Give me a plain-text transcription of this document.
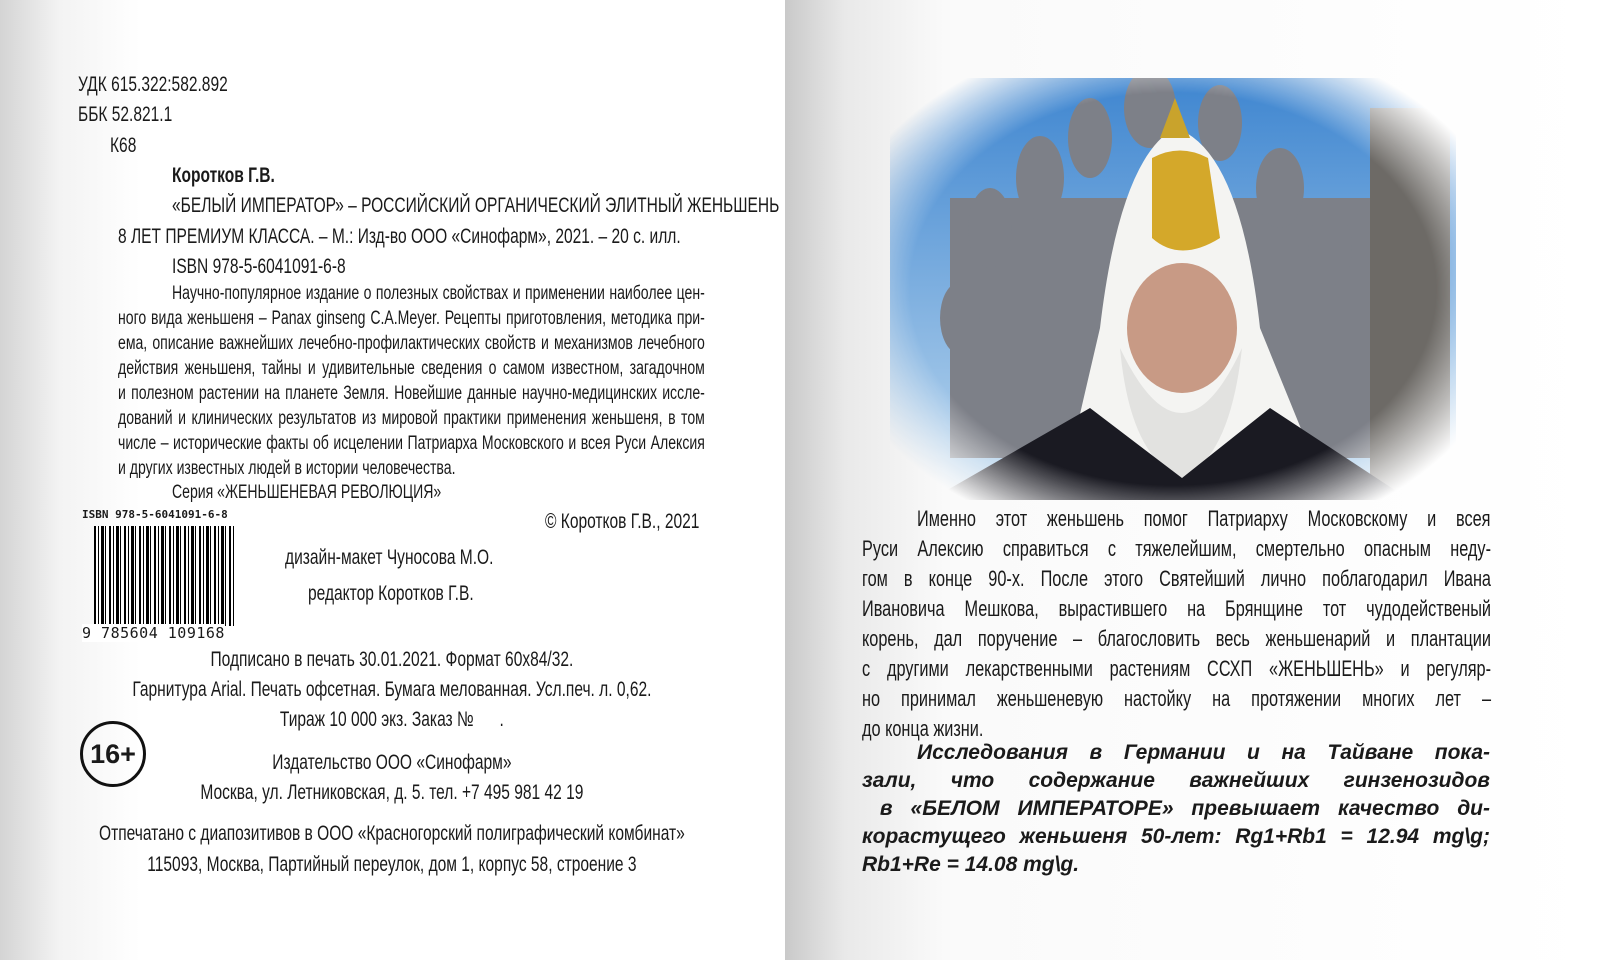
УДК 615.322:582.892
ББК 52.821.1
К68
Коротков Г.В.
«БЕЛЫЙ ИМПЕРАТОР» – РОССИЙСКИЙ ОРГАНИЧЕСКИЙ ЭЛИТНЫЙ ЖЕНЬШЕНЬ
8 ЛЕТ ПРЕМИУМ КЛАССА. – М.: Изд-во ООО «Синофарм», 2021. – 20 с. илл.
ISBN 978-5-6041091-6-8
Научно-популярное издание о полезных свойствах и применении наиболее цен-
ного вида женьшеня – Panax ginseng C.A.Meyer. Рецепты приготовления, методика при-
ема, описание важнейших лечебно-профилактических свойств и механизмов лечебного
действия женьшеня, тайны и удивительные сведения о самом известном, загадочном
и полезном растении на планете Земля. Новейшие данные научно-медицинских иссле-
дований и клинических результатов из мировой практики применения женьшеня, в том
числе – исторические факты об исцелении Патриарха Московского и всея Руси Алексия
и других известных людей в истории человечества.
Серия «ЖЕНЬШЕНЕВАЯ РЕВОЛЮЦИЯ»
ISBN 978-5-6041091-6-8
9 785604 109168
© Коротков Г.В., 2021
дизайн-макет Чуносова М.О.
редактор Коротков Г.В.
Подписано в печать 30.01.2021. Формат 60х84/32.
Гарнитура Arial. Печать офсетная. Бумага мелованная. Усл.печ. л. 0,62.
Тираж 10 000 экз. Заказ №      .
16+	Издательство ООО «Синофарм»
Москва, ул. Летниковская, д. 5. тел. +7 495 981 42 19
Отпечатано с диапозитивов в ООО «Красногорский полиграфический комбинат»
115093, Москва, Партийный переулок, дом 1, корпус 58, строение 3
Именно этот женьшень помог Патриарху Московскому и всея
Руси Алексию справиться с тяжелейшим, смертельно опасным неду-
гом в конце 90-х. После этого Святейший лично поблагодарил Ивана
Ивановича Мешкова, вырастившего на Брянщине тот чудодейственый
корень, дал поручение – благословить весь женьшенарий и плантации
с другими лекарственными растениям ССХП «ЖЕНЬШЕНЬ» и регуляр-
но принимал женьшеневую настойку на протяжении многих лет –
до конца жизни.
Исследования в Германии и на Тайване пока-
зали, что содержание важнейших гинзенозидов
в «БЕЛОМ ИМПЕРАТОРЕ» превышает качество ди-
корастущего женьшеня 50-лет: Rg1+Rb1 = 12.94 mg\g;
Rb1+Re = 14.08 mg\g.
